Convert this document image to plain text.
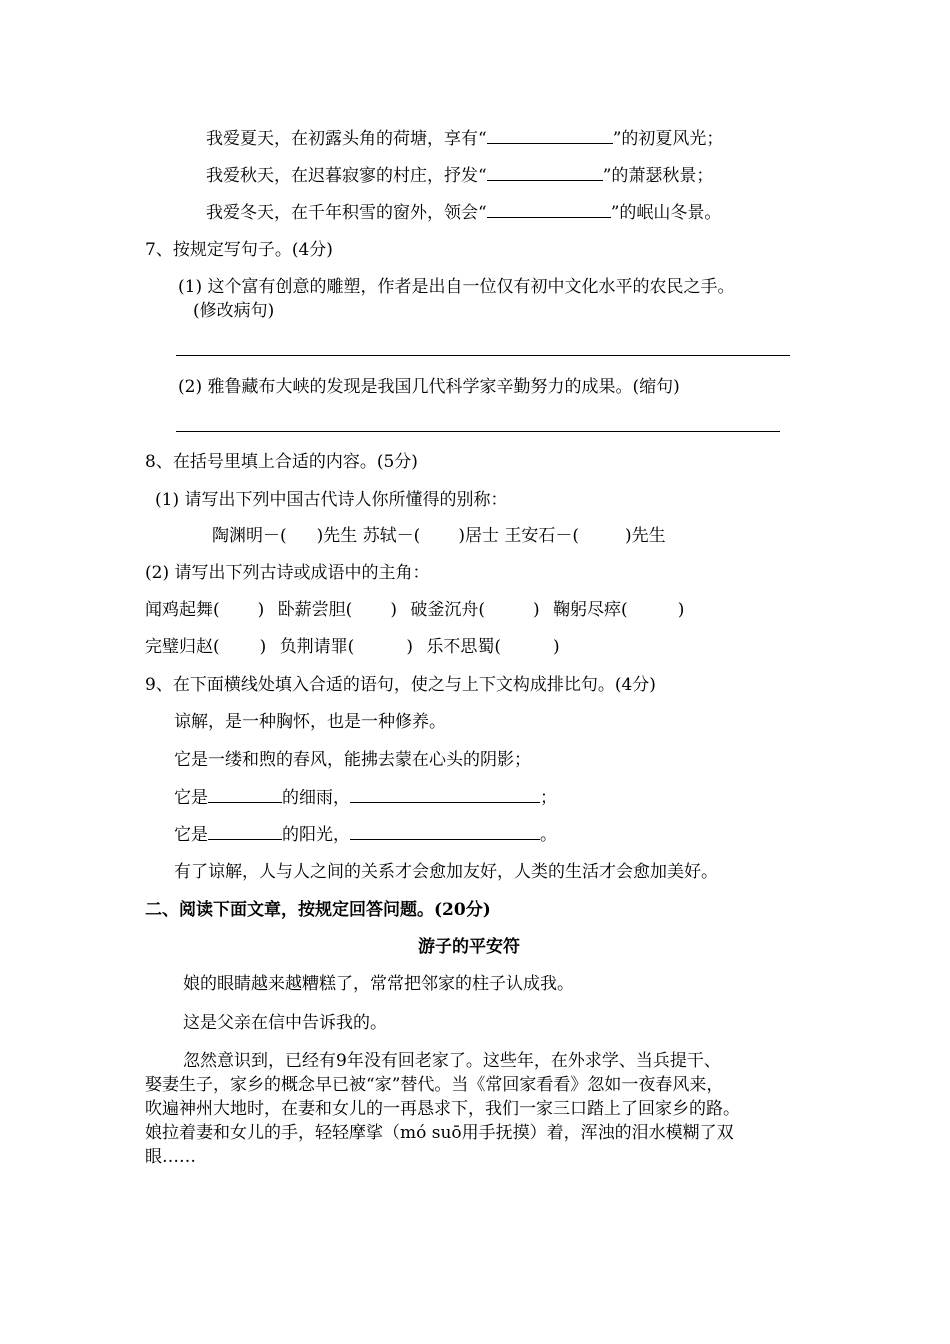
我爱夏天，在初露头角的荷塘，享有“	”的初夏风光；
我爱秋天，在迟暮寂寥的村庄，抒发“	”的萧瑟秋景；
我爱冬天，在千年积雪的窗外，领会“	”的岷山冬景。
7、按规定写句子。(4分)
(1) 这个富有创意的雕塑，作者是出自一位仅有初中文化水平的农民之手。
(修改病句)
(2) 雅鲁藏布大峡的发现是我国几代科学家辛勤努力的成果。(缩句)
8、在括号里填上合适的内容。(5分)
(1) 请写出下列中国古代诗人你所懂得的别称：
陶渊明－( )先生 苏轼－( )居士 王安石－(	)先生
(2) 请写出下列古诗或成语中的主角：
闻鸡起舞( ) 卧薪尝胆( ) 破釜沉舟(	) 鞠躬尽瘁(	)
完璧归赵( ) 负荆请罪(	) 乐不思蜀(	)
9、在下面横线处填入合适的语句，使之与上下文构成排比句。(4分)
谅解，是一种胸怀，也是一种修养。
它是一缕和煦的春风，能拂去蒙在心头的阴影；
它是	的细雨，	；
它是	的阳光，	。
有了谅解，人与人之间的关系才会愈加友好，人类的生活才会愈加美好。
二、阅读下面文章，按规定回答问题。(20分)
游子的平安符
娘的眼睛越来越糟糕了，常常把邻家的柱子认成我。
这是父亲在信中告诉我的。
忽然意识到，已经有9年没有回老家了。这些年，在外求学、当兵提干、
娶妻生子，家乡的概念早已被“家”替代。当《常回家看看》忽如一夜春风来，
吹遍神州大地时，在妻和女儿的一再恳求下，我们一家三口踏上了回家乡的路。
娘拉着妻和女儿的手，轻轻摩挲（mó suō用手抚摸）着，浑浊的泪水模糊了双
眼……
